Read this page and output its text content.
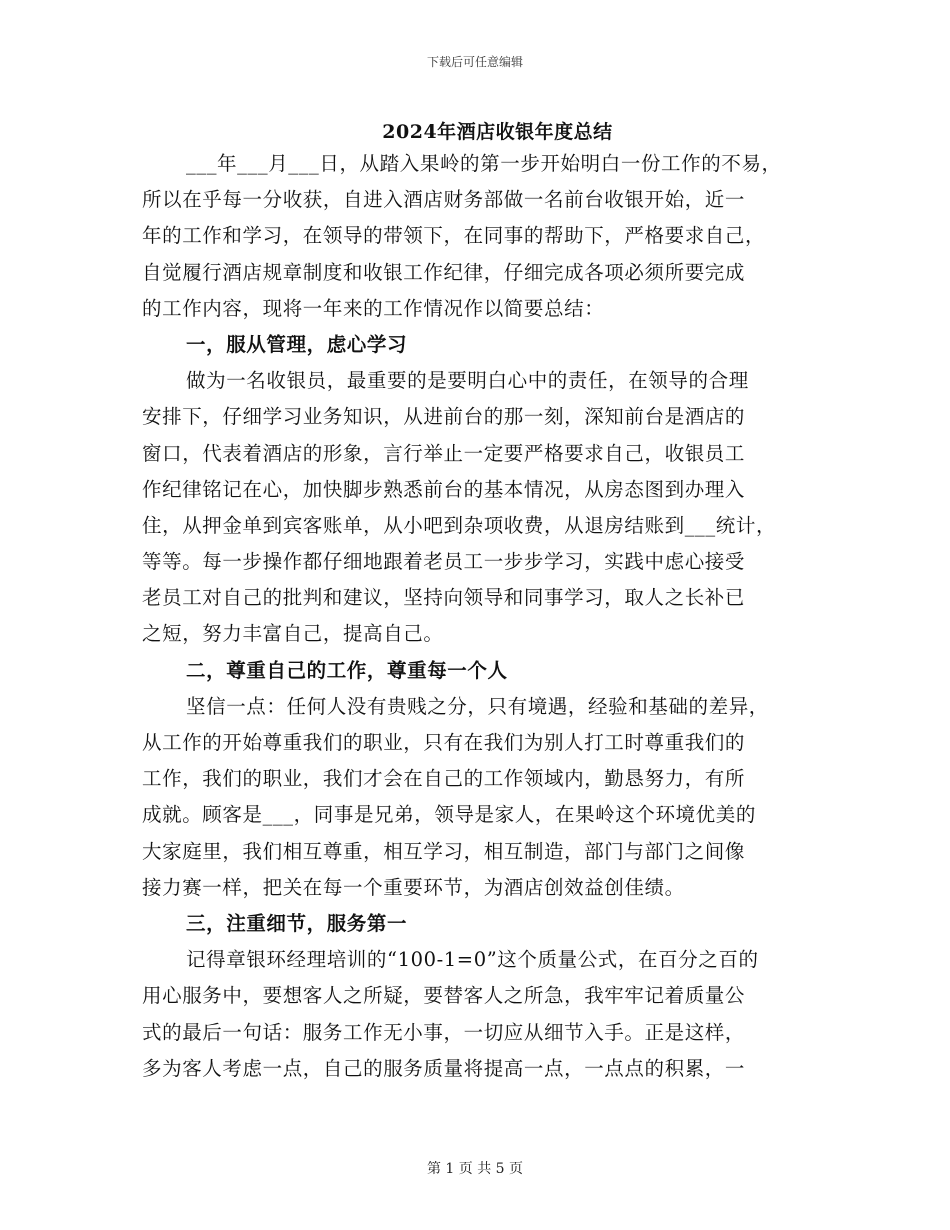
下载后可任意编辑
2024年酒店收银年度总结
___年___月___日，从踏入果岭的第一步开始明白一份工作的不易，
所以在乎每一分收获，自进入酒店财务部做一名前台收银开始，近一
年的工作和学习，在领导的带领下，在同事的帮助下，严格要求自己，
自觉履行酒店规章制度和收银工作纪律，仔细完成各项必须所要完成
的工作内容，现将一年来的工作情况作以简要总结：
一，服从管理，虑心学习
做为一名收银员，最重要的是要明白心中的责任，在领导的合理
安排下，仔细学习业务知识，从进前台的那一刻，深知前台是酒店的
窗口，代表着酒店的形象，言行举止一定要严格要求自己，收银员工
作纪律铭记在心，加快脚步熟悉前台的基本情况，从房态图到办理入
住，从押金单到宾客账单，从小吧到杂项收费，从退房结账到___统计，
等等。每一步操作都仔细地跟着老员工一步步学习，实践中虑心接受
老员工对自己的批判和建议，坚持向领导和同事学习，取人之长补已
之短，努力丰富自己，提高自己。
二，尊重自己的工作，尊重每一个人
坚信一点：任何人没有贵贱之分，只有境遇，经验和基础的差异，
从工作的开始尊重我们的职业，只有在我们为别人打工时尊重我们的
工作，我们的职业，我们才会在自己的工作领域内，勤恳努力，有所
成就。顾客是___，同事是兄弟，领导是家人，在果岭这个环境优美的
大家庭里，我们相互尊重，相互学习，相互制造，部门与部门之间像
接力赛一样，把关在每一个重要环节，为酒店创效益创佳绩。
三，注重细节，服务第一
记得章银环经理培训的“100-1=0”这个质量公式，在百分之百的
用心服务中，要想客人之所疑，要替客人之所急，我牢牢记着质量公
式的最后一句话：服务工作无小事，一切应从细节入手。正是这样，
多为客人考虑一点，自己的服务质量将提高一点，一点点的积累，一
第 1 页 共 5 页
